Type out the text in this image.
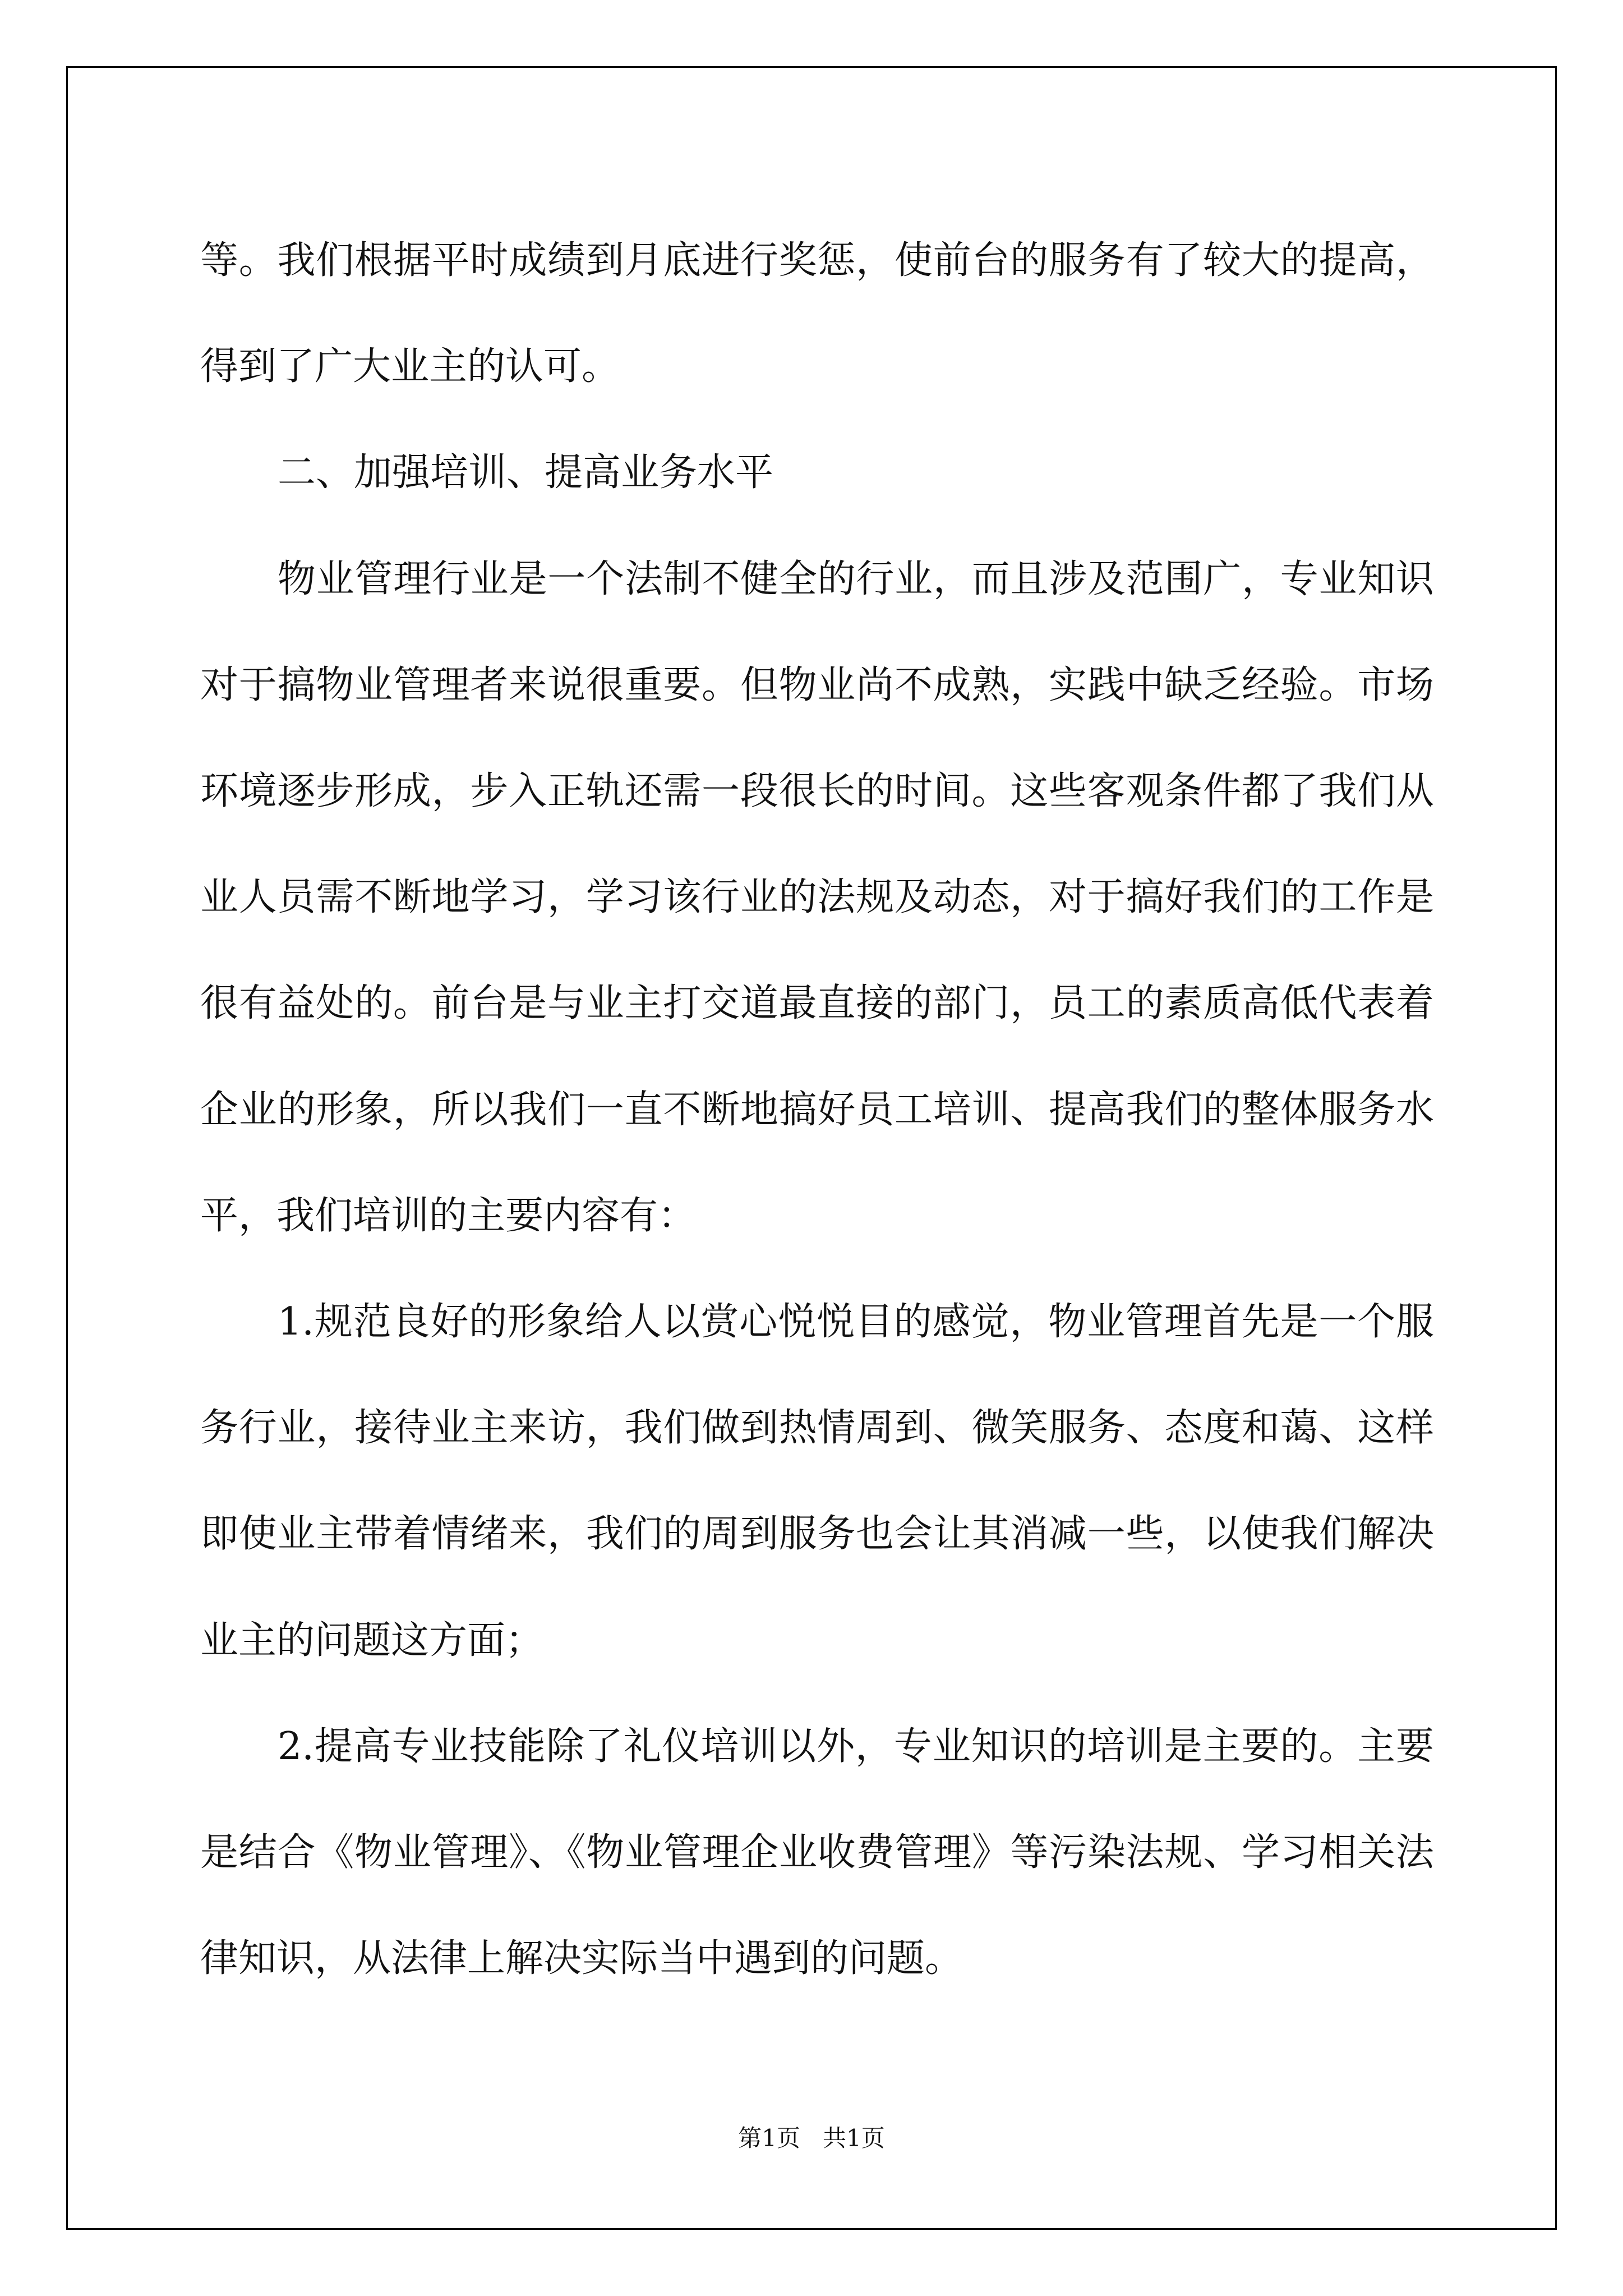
等。我们根据平时成绩到月底进行奖惩，使前台的服务有了较大的提高，得到了广大业主的认可。

二、加强培训、提高业务水平

物业管理行业是一个法制不健全的行业，而且涉及范围广，专业知识对于搞物业管理者来说很重要。但物业尚不成熟，实践中缺乏经验。市场环境逐步形成，步入正轨还需一段很长的时间。这些客观条件都了我们从业人员需不断地学习，学习该行业的法规及动态，对于搞好我们的工作是很有益处的。前台是与业主打交道最直接的部门，员工的素质高低代表着企业的形象，所以我们一直不断地搞好员工培训、提高我们的整体服务水平，我们培训的主要内容有：

1.规范良好的形象给人以赏心悦悦目的感觉，物业管理首先是一个服务行业，接待业主来访，我们做到热情周到、微笑服务、态度和蔼、这样即使业主带着情绪来，我们的周到服务也会让其消减一些，以使我们解决业主的问题这方面；

2.提高专业技能除了礼仪培训以外，专业知识的培训是主要的。主要是结合《物业管理》、《物业管理企业收费管理》等污染法规、学习相关法律知识，从法律上解决实际当中遇到的问题。

第1页 共1页
